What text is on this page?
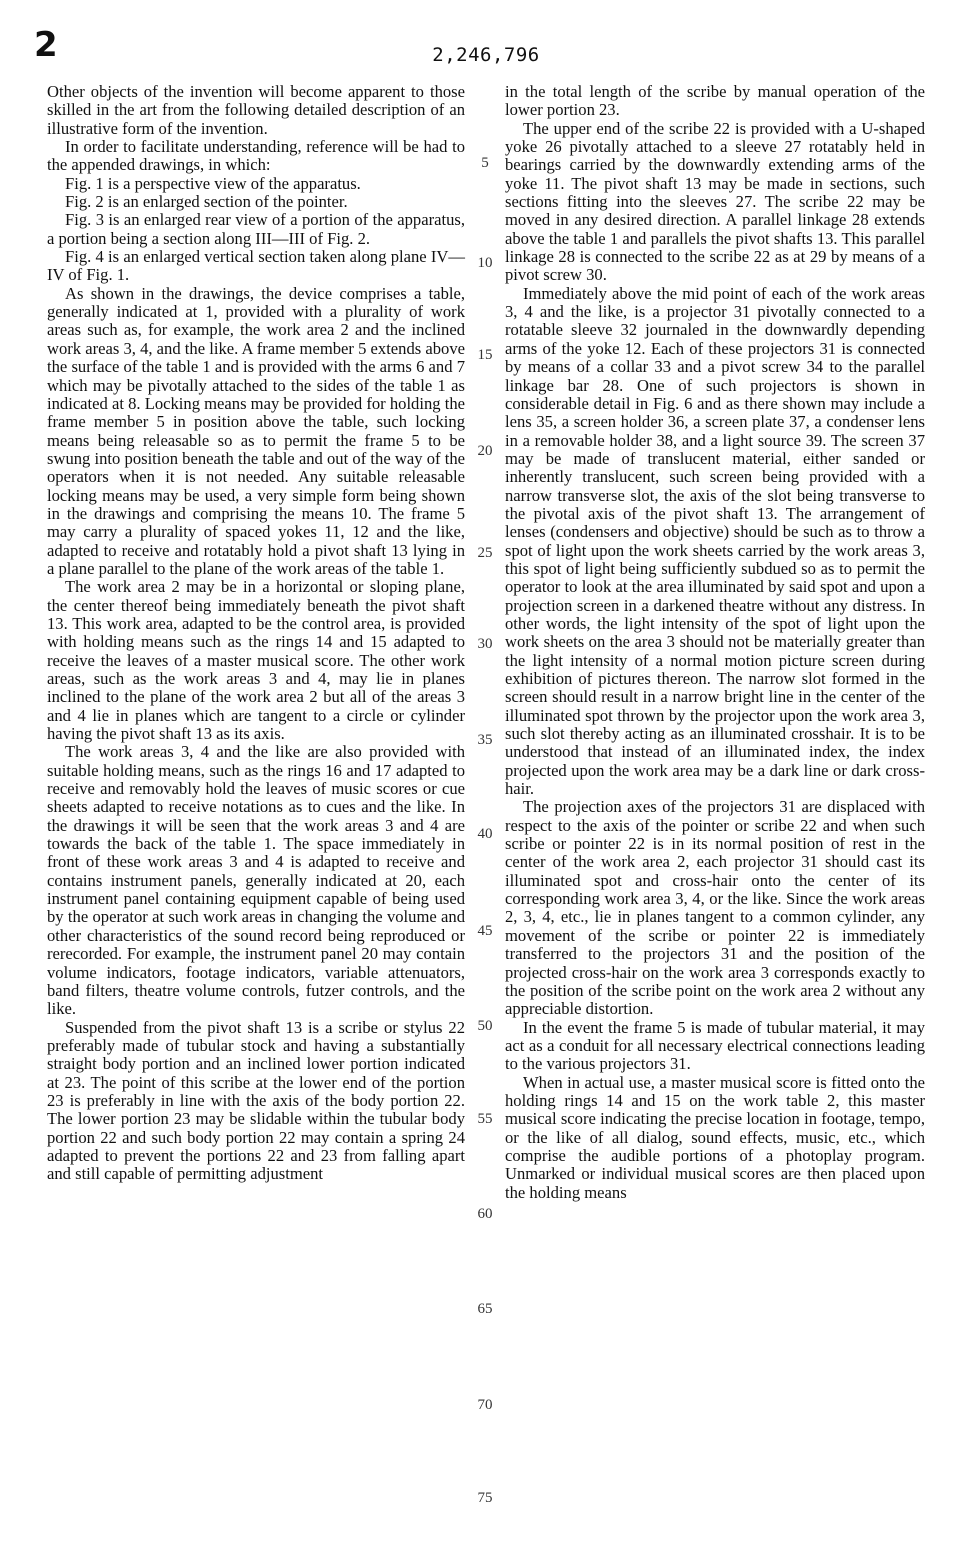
2	2,246,796

Other objects of the invention will become apparent to those skilled in the art from the following detailed description of an illustrative form of the invention.

In order to facilitate understanding, reference will be had to the appended drawings, in which:

Fig. 1 is a perspective view of the apparatus.

Fig. 2 is an enlarged section of the pointer.

Fig. 3 is an enlarged rear view of a portion of the apparatus, a portion being a section along III—III of Fig. 2.

Fig. 4 is an enlarged vertical section taken along plane IV—IV of Fig. 1.

As shown in the drawings, the device comprises a table, generally indicated at 1, provided with a plurality of work areas such as, for example, the work area 2 and the inclined work areas 3, 4, and the like. A frame member 5 extends above the surface of the table 1 and is provided with the arms 6 and 7 which may be pivotally attached to the sides of the table 1 as indicated at 8. Locking means may be provided for holding the frame member 5 in position above the table, such locking means being releasable so as to permit the frame 5 to be swung into position beneath the table and out of the way of the operators when it is not needed. Any suitable releasable locking means may be used, a very simple form being shown in the drawings and comprising the means 10. The frame 5 may carry a plurality of spaced yokes 11, 12 and the like, adapted to receive and rotatably hold a pivot shaft 13 lying in a plane parallel to the plane of the work areas of the table 1.

The work area 2 may be in a horizontal or sloping plane, the center thereof being immediately beneath the pivot shaft 13. This work area, adapted to be the control area, is provided with holding means such as the rings 14 and 15 adapted to receive the leaves of a master musical score. The other work areas, such as the work areas 3 and 4, may lie in planes inclined to the plane of the work area 2 but all of the areas 3 and 4 lie in planes which are tangent to a circle or cylinder having the pivot shaft 13 as its axis.

The work areas 3, 4 and the like are also provided with suitable holding means, such as the rings 16 and 17 adapted to receive and removably hold the leaves of music scores or cue sheets adapted to receive notations as to cues and the like. In the drawings it will be seen that the work areas 3 and 4 are towards the back of the table 1. The space immediately in front of these work areas 3 and 4 is adapted to receive and contains instrument panels, generally indicated at 20, each instrument panel containing equipment capable of being used by the operator at such work areas in changing the volume and other characteristics of the sound record being reproduced or rerecorded. For example, the instrument panel 20 may contain volume indicators, footage indicators, variable attenuators, band filters, theatre volume controls, futzer controls, and the like.

Suspended from the pivot shaft 13 is a scribe or stylus 22 preferably made of tubular stock and having a substantially straight body portion and an inclined lower portion indicated at 23. The point of this scribe at the lower end of the portion 23 is preferably in line with the axis of the body portion 22. The lower portion 23 may be slidable within the tubular body portion 22 and such body portion 22 may contain a spring 24 adapted to prevent the portions 22 and 23 from falling apart and still capable of permitting adjustment

in the total length of the scribe by manual operation of the lower portion 23.

The upper end of the scribe 22 is provided with a U-shaped yoke 26 pivotally attached to a sleeve 27 rotatably held in bearings carried by the downwardly extending arms of the yoke 11. The pivot shaft 13 may be made in sections, such sections fitting into the sleeves 27. The scribe 22 may be moved in any desired direction. A parallel linkage 28 extends above the table 1 and parallels the pivot shafts 13. This parallel linkage 28 is connected to the scribe 22 as at 29 by means of a pivot screw 30.

Immediately above the mid point of each of the work areas 3, 4 and the like, is a projector 31 pivotally connected to a rotatable sleeve 32 journaled in the downwardly depending arms of the yoke 12. Each of these projectors 31 is connected by means of a collar 33 and a pivot screw 34 to the parallel linkage bar 28. One of such projectors is shown in considerable detail in Fig. 6 and as there shown may include a lens 35, a screen holder 36, a screen plate 37, a condenser lens in a removable holder 38, and a light source 39. The screen 37 may be made of translucent material, either sanded or inherently translucent, such screen being provided with a narrow transverse slot, the axis of the slot being transverse to the pivotal axis of the pivot shaft 13. The arrangement of lenses (condensers and objective) should be such as to throw a spot of light upon the work sheets carried by the work areas 3, this spot of light being sufficiently subdued so as to permit the operator to look at the area illuminated by said spot and upon a projection screen in a darkened theatre without any distress. In other words, the light intensity of the spot of light upon the work sheets on the area 3 should not be materially greater than the light intensity of a normal motion picture screen during exhibition of pictures thereon. The narrow slot formed in the screen should result in a narrow bright line in the center of the illuminated spot thrown by the projector upon the work area 3, such slot thereby acting as an illuminated crosshair. It is to be understood that instead of an illuminated index, the index projected upon the work area may be a dark line or dark cross-hair.

The projection axes of the projectors 31 are displaced with respect to the axis of the pointer or scribe 22 and when such scribe or pointer 22 is in its normal position of rest in the center of the work area 2, each projector 31 should cast its illuminated spot and cross-hair onto the center of its corresponding work area 3, 4, or the like. Since the work areas 2, 3, 4, etc., lie in planes tangent to a common cylinder, any movement of the scribe or pointer 22 is immediately transferred to the projectors 31 and the position of the projected cross-hair on the work area 3 corresponds exactly to the position of the scribe point on the work area 2 without any appreciable distortion.

In the event the frame 5 is made of tubular material, it may act as a conduit for all necessary electrical connections leading to the various projectors 31.

When in actual use, a master musical score is fitted onto the holding rings 14 and 15 on the work table 2, this master musical score indicating the precise location in footage, tempo, or the like of all dialog, sound effects, music, etc., which comprise the audible portions of a photoplay program. Unmarked or individual musical scores are then placed upon the holding means

5
10
15
20
25
30
35
40
45
50
55
60
65
70
75
